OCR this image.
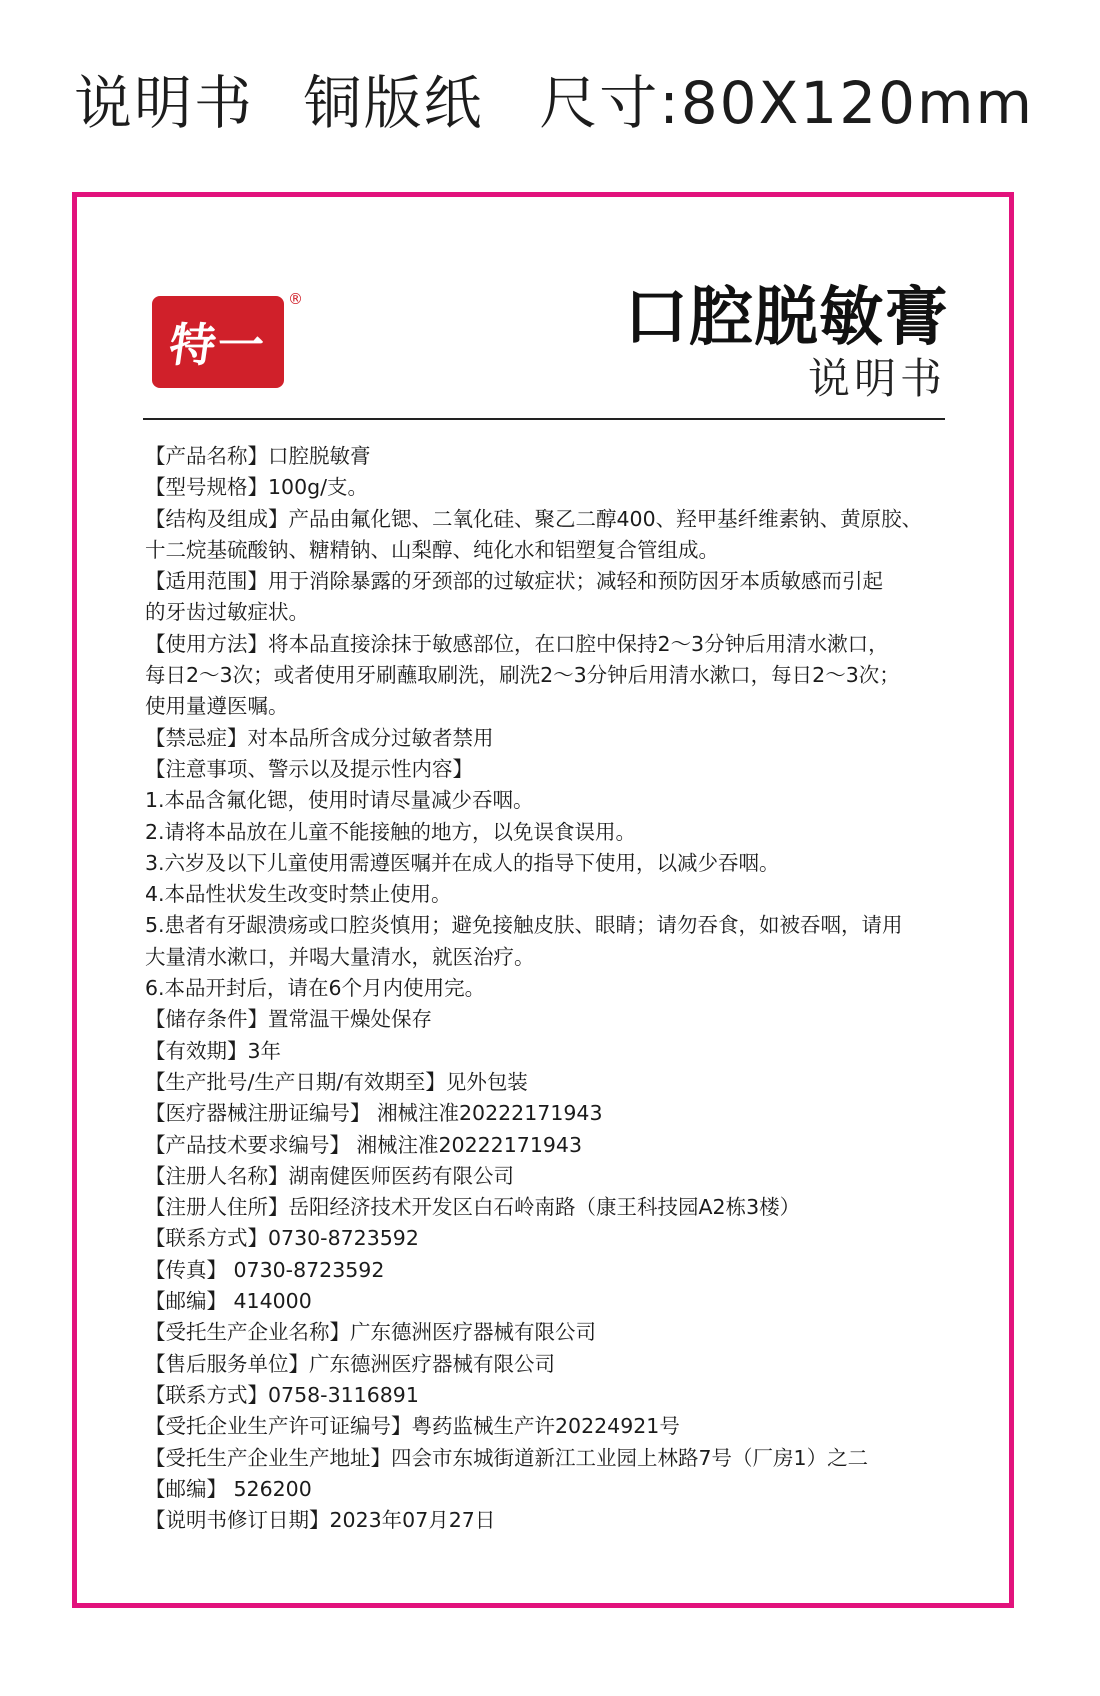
说明书 铜版纸 尺寸:80X120mm
特一
®	口腔脱敏膏
说明书
【产品名称】口腔脱敏膏
【型号规格】100g/支。
【结构及组成】产品由氟化锶、二氧化硅、聚乙二醇400、羟甲基纤维素钠、黄原胶、
十二烷基硫酸钠、糖精钠、山梨醇、纯化水和铝塑复合管组成。
【适用范围】用于消除暴露的牙颈部的过敏症状；减轻和预防因牙本质敏感而引起
的牙齿过敏症状。
【使用方法】将本品直接涂抹于敏感部位，在口腔中保持2～3分钟后用清水漱口，
每日2～3次；或者使用牙刷蘸取刷洗，刷洗2～3分钟后用清水漱口，每日2～3次；
使用量遵医嘱。
【禁忌症】对本品所含成分过敏者禁用
【注意事项、警示以及提示性内容】
1.本品含氟化锶，使用时请尽量减少吞咽。
2.请将本品放在儿童不能接触的地方，以免误食误用。
3.六岁及以下儿童使用需遵医嘱并在成人的指导下使用，以减少吞咽。
4.本品性状发生改变时禁止使用。
5.患者有牙龈溃疡或口腔炎慎用；避免接触皮肤、眼睛；请勿吞食，如被吞咽，请用
大量清水漱口，并喝大量清水，就医治疗。
6.本品开封后，请在6个月内使用完。
【储存条件】置常温干燥处保存
【有效期】3年
【生产批号/生产日期/有效期至】见外包装
【医疗器械注册证编号】 湘械注准20222171943
【产品技术要求编号】 湘械注准20222171943
【注册人名称】湖南健医师医药有限公司
【注册人住所】岳阳经济技术开发区白石岭南路（康王科技园A2栋3楼）
【联系方式】0730-8723592
【传真】 0730-8723592
【邮编】 414000
【受托生产企业名称】广东德洲医疗器械有限公司
【售后服务单位】广东德洲医疗器械有限公司
【联系方式】0758-3116891
【受托企业生产许可证编号】粤药监械生产许20224921号
【受托生产企业生产地址】四会市东城街道新江工业园上林路7号（厂房1）之二
【邮编】 526200
【说明书修订日期】2023年07月27日
